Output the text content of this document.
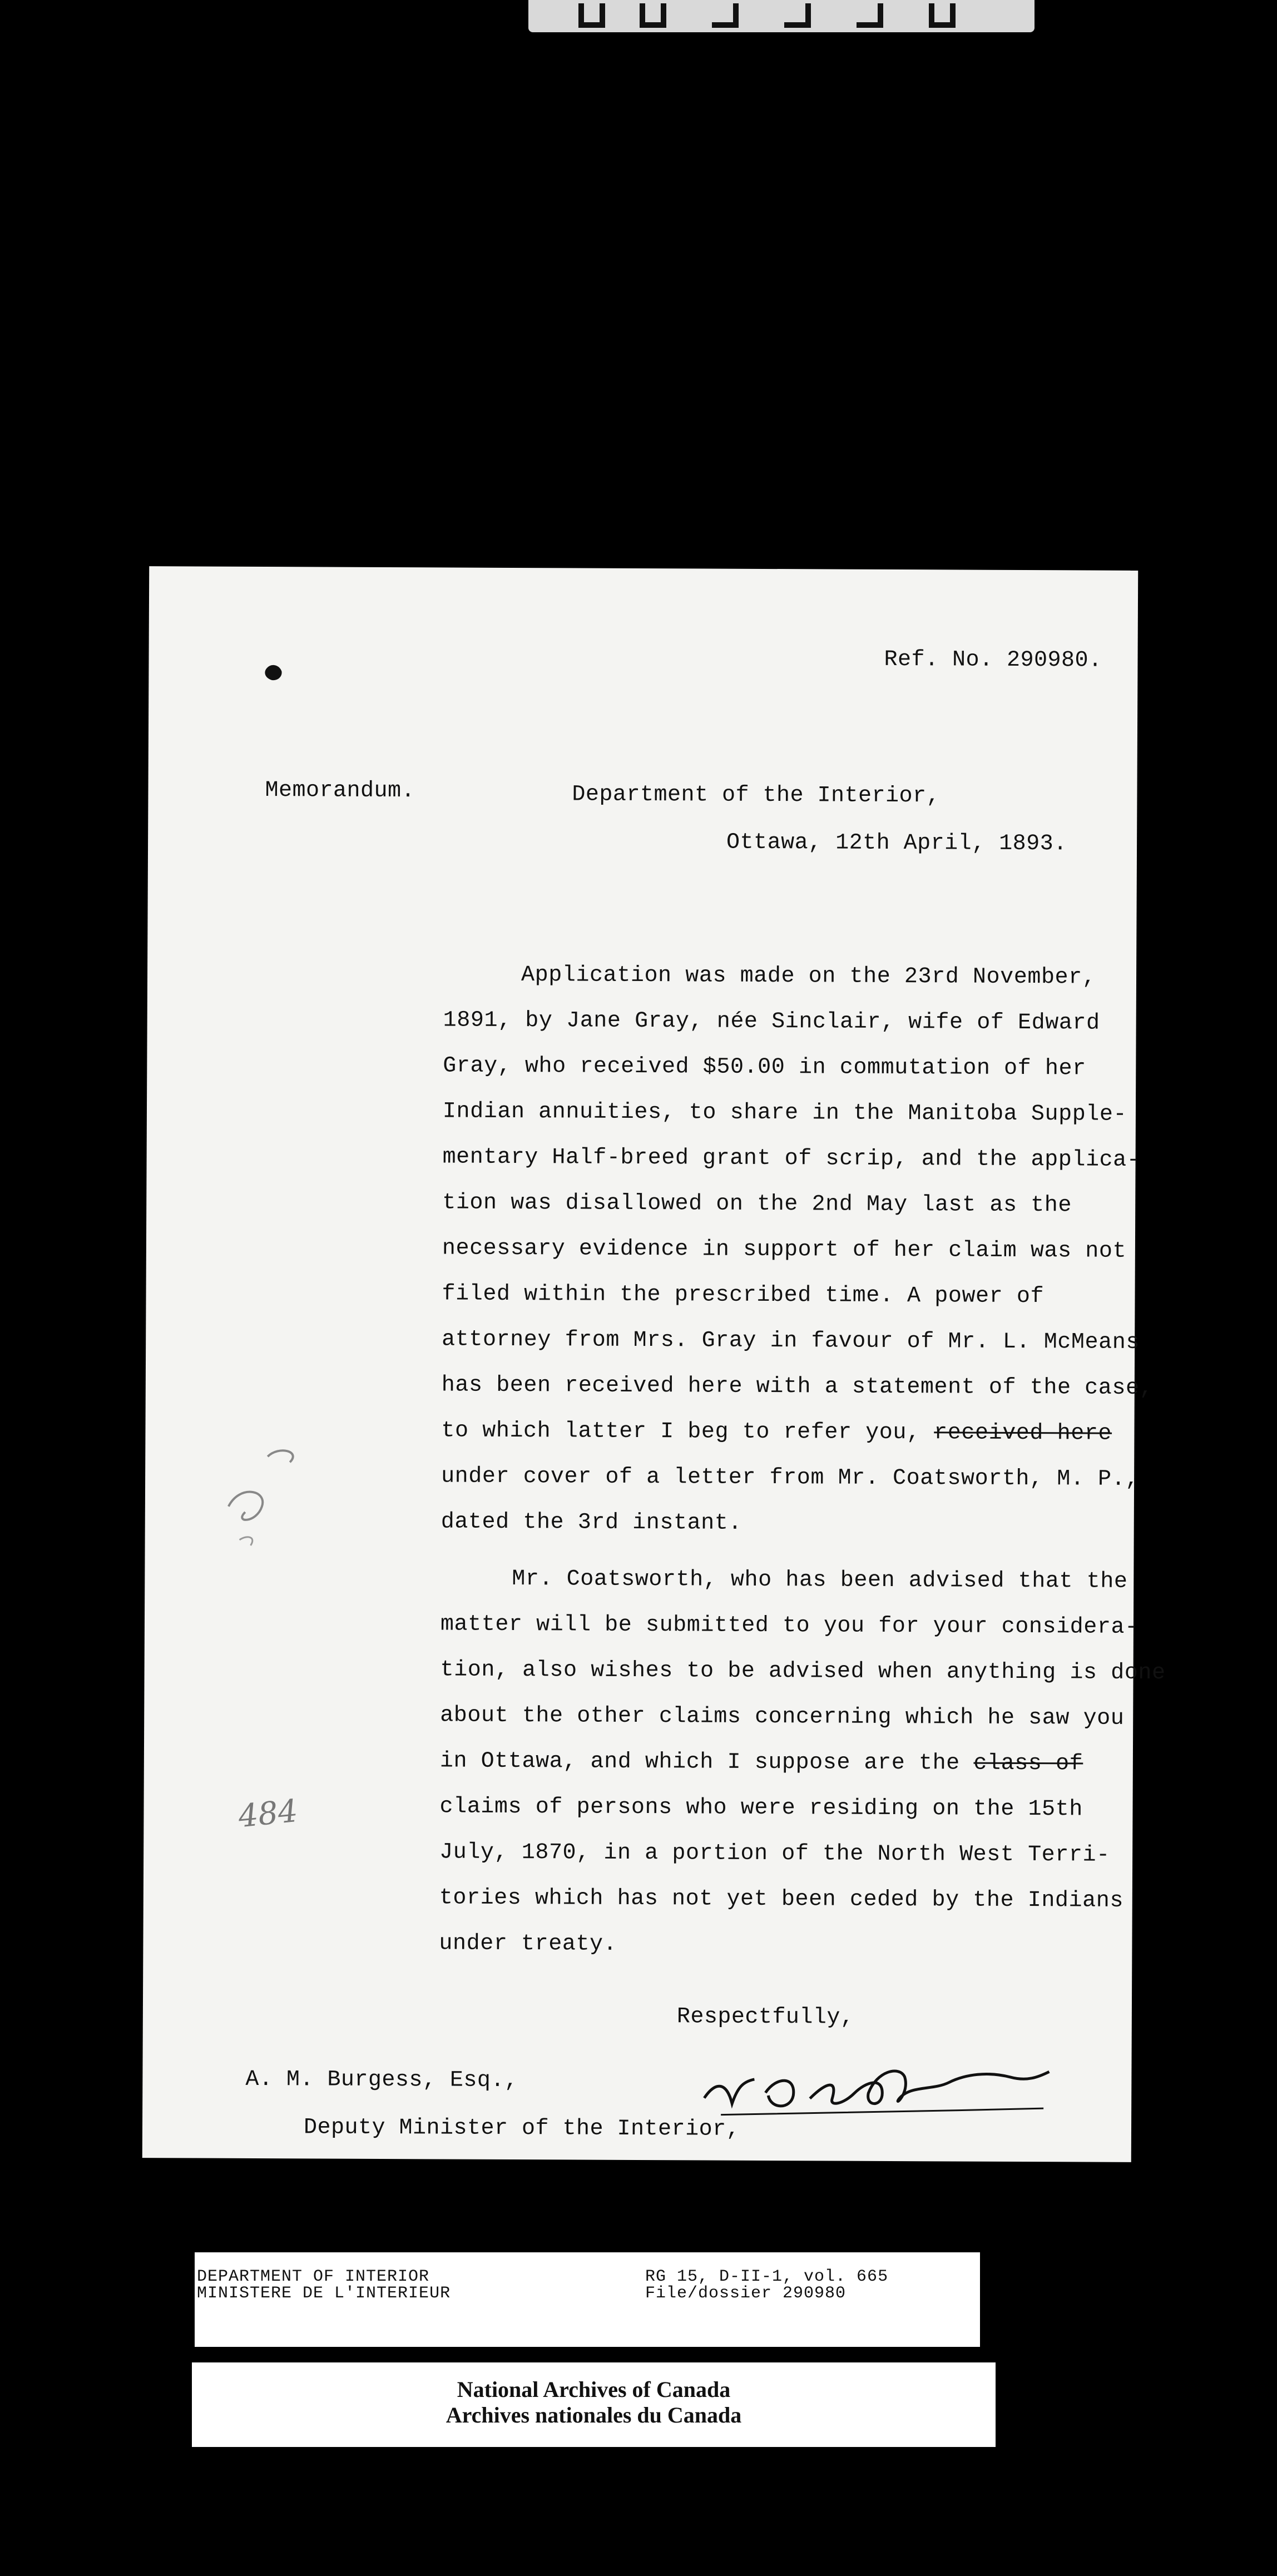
Ref. No. 290980.
Memorandum.	Department of the Interior,
Ottawa, 12th April, 1893.
Application was made on the 23rd November,
1891, by Jane Gray, née Sinclair, wife of Edward
Gray, who received $50.00 in commutation of her
Indian annuities, to share in the Manitoba Supple-
mentary Half-breed grant of scrip, and the applica-
tion was disallowed on the 2nd May last as the
necessary evidence in support of her claim was not
filed within the prescribed time. A power of
attorney from Mrs. Gray in favour of Mr. L. McMeans
has been received here with a statement of the case,
to which latter I beg to refer you, received here
under cover of a letter from Mr. Coatsworth, M. P.,
dated the 3rd instant.
Mr. Coatsworth, who has been advised that the
matter will be submitted to you for your considera-
tion, also wishes to be advised when anything is done
about the other claims concerning which he saw you
in Ottawa, and which I suppose are the class of
claims of persons who were residing on the 15th
July, 1870, in a portion of the North West Terri-
tories which has not yet been ceded by the Indians
under treaty.
Respectfully,
A. M. Burgess, Esq.,
Deputy Minister of the Interior,
484
DEPARTMENT OF INTERIOR
MINISTERE DE L'INTERIEUR
RG 15, D-II-1, vol. 665
File/dossier 290980
National Archives of Canada
Archives nationales du Canada
